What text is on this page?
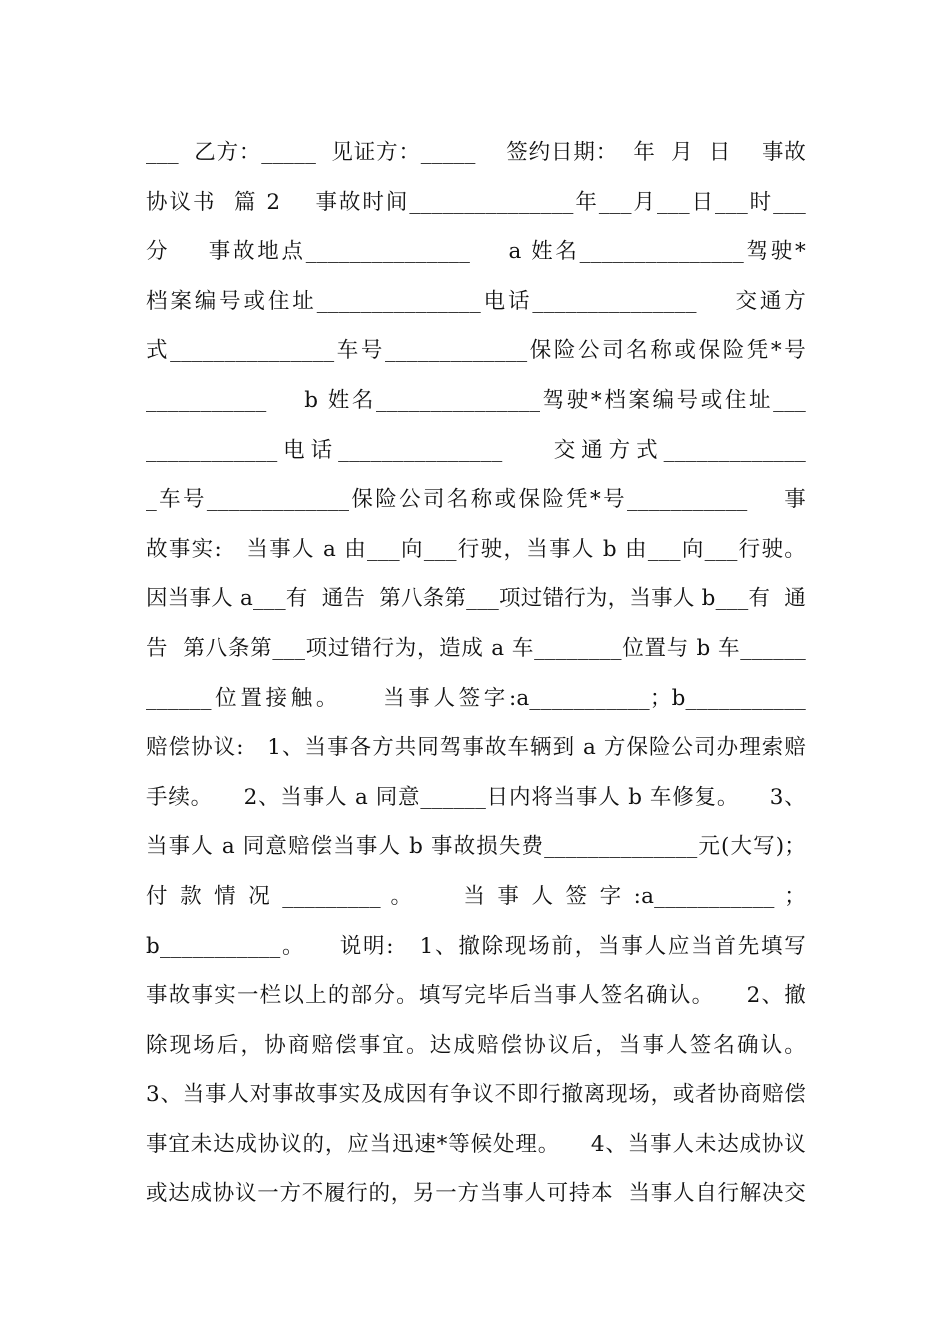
___  乙方：_____  见证方：_____    签约日期：  年  月  日    事故
协议书  篇 2    事故时间_______________年___月___日___时___
分    事故地点_______________    a 姓名_______________驾驶*
档案编号或住址_______________电话_______________    交通方
式_______________车号_____________保险公司名称或保险凭*号
___________    b 姓名_______________驾驶*档案编号或住址___
____________电话_______________    交通方式_____________
_车号_____________保险公司名称或保险凭*号___________    事
故事实:   当事人 a 由___向___行驶，当事人 b 由___向___行驶。
因当事人 a___有  通告  第八条第___项过错行为，当事人 b___有  通
告  第八条第___项过错行为，造成 a 车________位置与 b 车______
______位置接触。    当事人签字:a___________；b___________
赔偿协议:   1、当事各方共同驾事故车辆到 a 方保险公司办理索赔
手续。    2、当事人 a 同意______日内将当事人 b 车修复。    3、
当事人 a 同意赔偿当事人 b 事故损失费______________元(大写)；
付 款 情 况 _________ 。     当 事 人 签 字 :a___________ ；
b___________。    说明:   1、撤除现场前，当事人应当首先填写
事故事实一栏以上的部分。填写完毕后当事人签名确认。    2、撤
除现场后，协商赔偿事宜。达成赔偿协议后，当事人签名确认。
3、当事人对事故事实及成因有争议不即行撤离现场，或者协商赔偿
事宜未达成协议的，应当迅速*等候处理。    4、当事人未达成协议
或达成协议一方不履行的，另一方当事人可持本  当事人自行解决交
